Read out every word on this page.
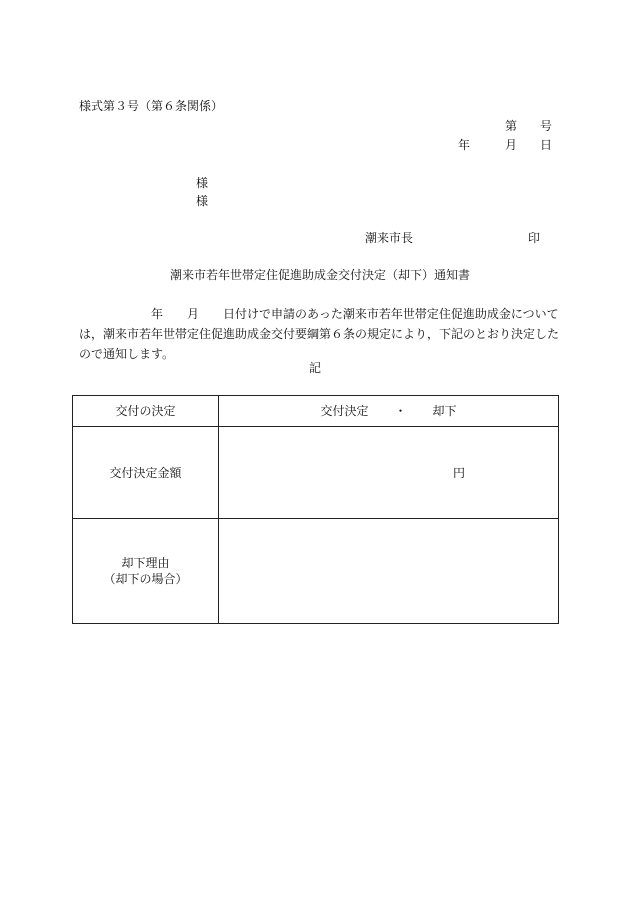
様式第３号（第６条関係）
第 号
年	月 日
様
様
潮来市長	印
潮来市若年世帯定住促進助成金交付決定（却下）通知書
年 月 日付けで申請のあった潮来市若年世帯定住促進助成金について
は，潮来市若年世帯定住促進助成金交付要綱第６条の規定により，下記のとおり決定した
ので通知します。
記
交付の決定	交付決定 ・ 却下
交付決定金額	円

却下理由
（却下の場合）	
